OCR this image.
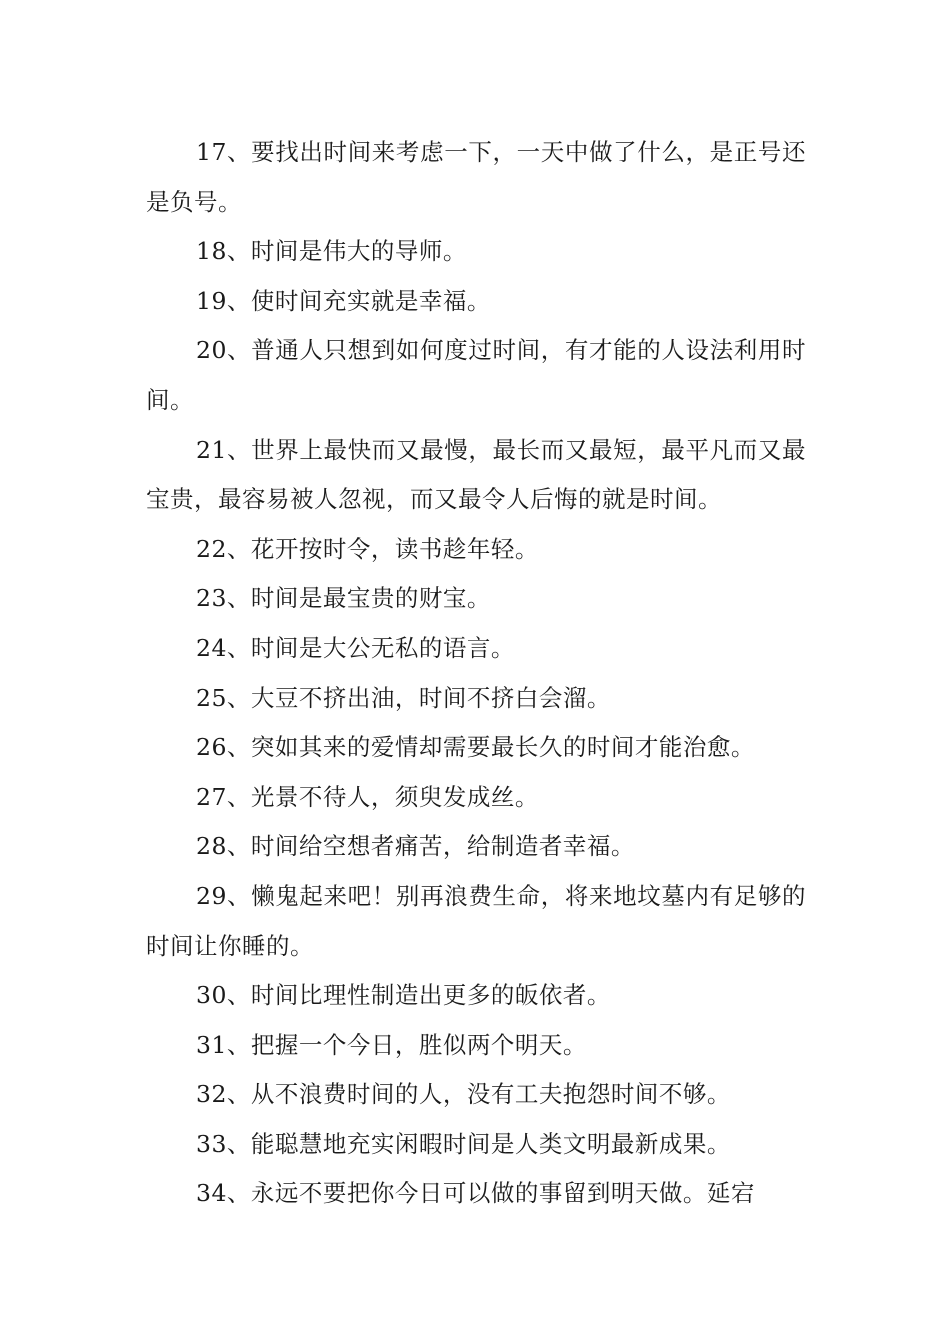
17、要找出时间来考虑一下，一天中做了什么，是正号还是负号。

18、时间是伟大的导师。

19、使时间充实就是幸福。

20、普通人只想到如何度过时间，有才能的人设法利用时间。

21、世界上最快而又最慢，最长而又最短，最平凡而又最宝贵，最容易被人忽视，而又最令人后悔的就是时间。

22、花开按时令，读书趁年轻。

23、时间是最宝贵的财宝。

24、时间是大公无私的语言。

25、大豆不挤出油，时间不挤白会溜。

26、突如其来的爱情却需要最长久的时间才能治愈。

27、光景不待人，须臾发成丝。

28、时间给空想者痛苦，给制造者幸福。

29、懒鬼起来吧！别再浪费生命，将来地坟墓内有足够的时间让你睡的。

30、时间比理性制造出更多的皈依者。

31、把握一个今日，胜似两个明天。

32、从不浪费时间的人，没有工夫抱怨时间不够。

33、能聪慧地充实闲暇时间是人类文明最新成果。

34、永远不要把你今日可以做的事留到明天做。延宕
